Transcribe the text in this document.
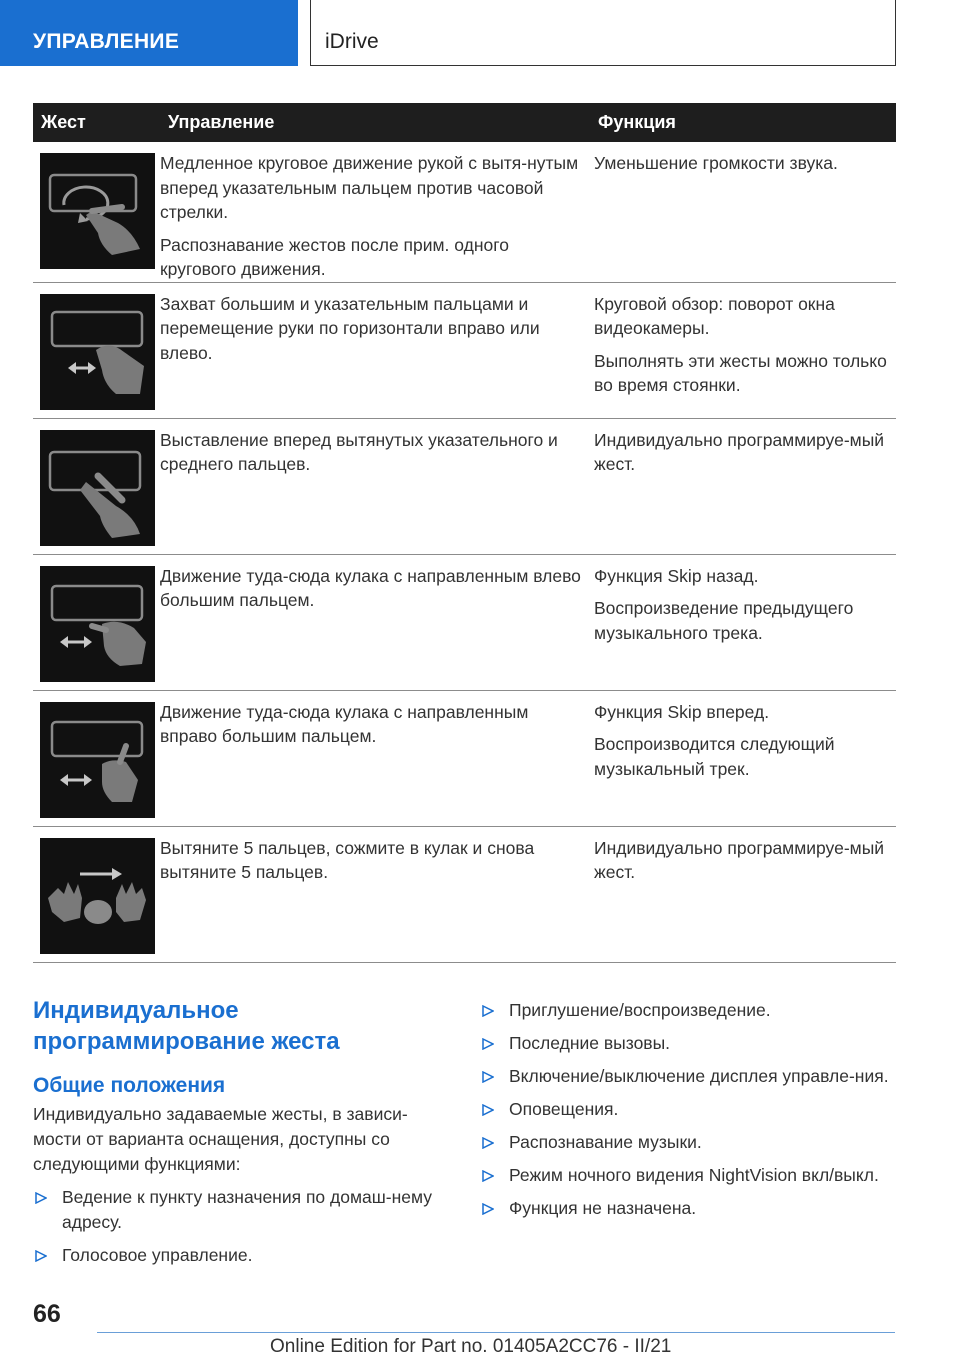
УПРАВЛЕНИЕ	iDrive
Жест	Управление	Функция

Медленное круговое движение рукой с вытя-нутым вперед указательным пальцем против часовой стрелки.

Распознавание жестов после прим. одного кругового движения.	Уменьшение громкости звука.

Захват большим и указательным пальцами и перемещение руки по горизонтали вправо или влево.	Круговой обзор: поворот окна видеокамеры.

Выполнять эти жесты можно только во время стоянки.

Выставление вперед вытянутых указательного и среднего пальцев.	Индивидуально программируе-мый жест.

Движение туда-сюда кулака с направленным влево большим пальцем.	Функция Skip назад.

Воспроизведение предыдущего музыкального трека.

Движение туда-сюда кулака с направленным вправо большим пальцем.	Функция Skip вперед.

Воспроизводится следующий музыкальный трек.

Вытяните 5 пальцев, сожмите в кулак и снова вытяните 5 пальцев.	Индивидуально программируе-мый жест.

Индивидуальное программирование жеста
Общие положения
Индивидуально задаваемые жесты, в зависи-мости от варианта оснащения, доступны со следующими функциями:
Ведение к пункту назначения по домаш-нему адресу.
Голосовое управление.
Приглушение/воспроизведение.
Последние вызовы.
Включение/выключение дисплея управле-ния.
Оповещения.
Распознавание музыки.
Режим ночного видения NightVision вкл/выкл.
Функция не назначена.
66
Online Edition for Part no. 01405A2CC76 - II/21
